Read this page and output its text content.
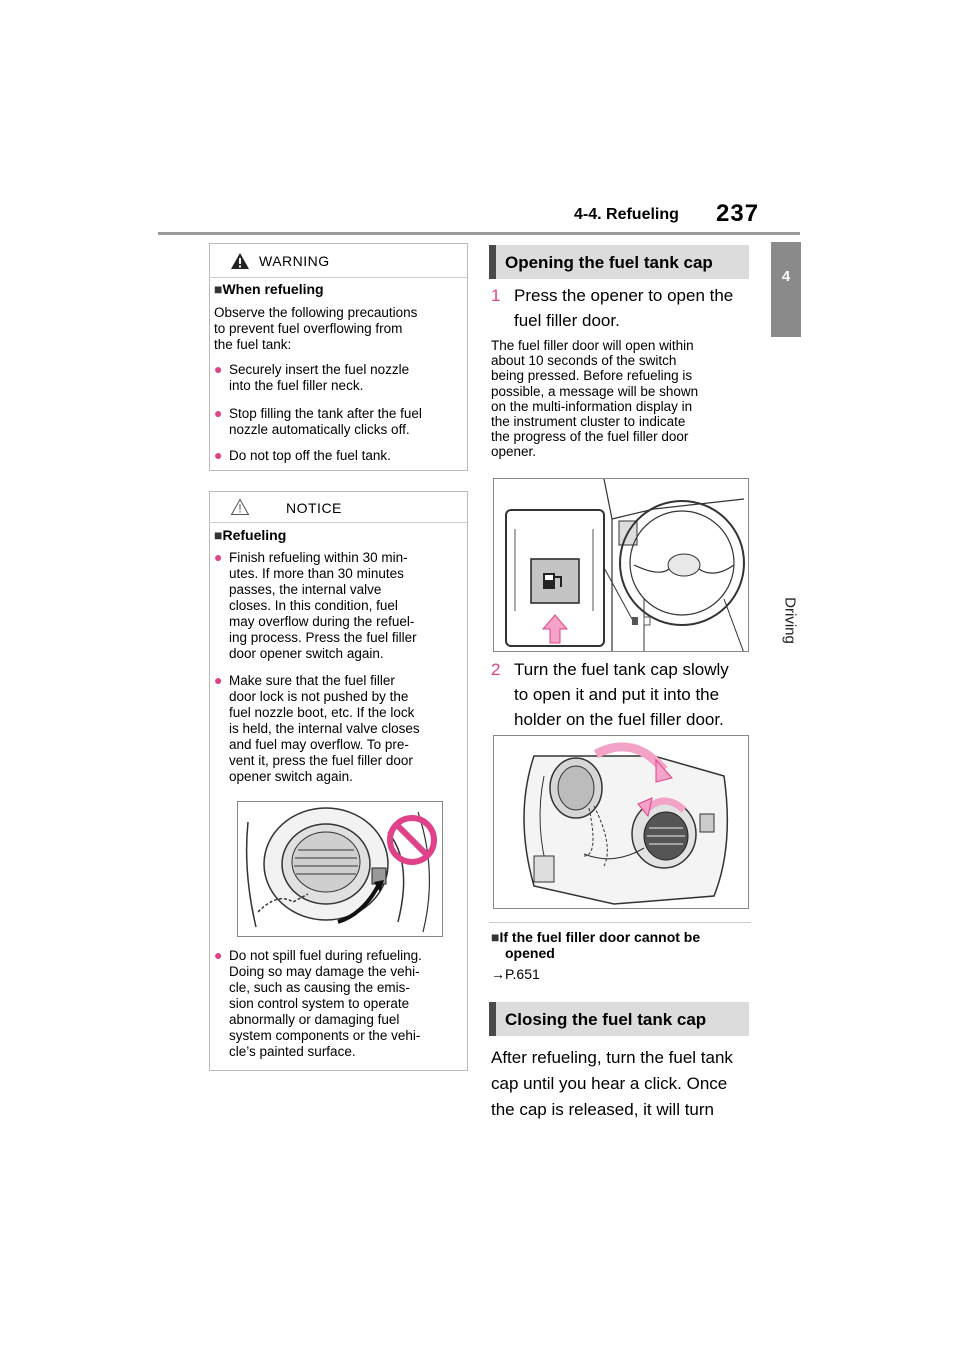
4-4. Refueling 237
4
Driving
WARNING
■When refueling
Observe the following precautions
to prevent fuel overflowing from
the fuel tank:
● Securely insert the fuel nozzle
into the fuel filler neck.
● Stop filling the tank after the fuel
nozzle automatically clicks off.
● Do not top off the fuel tank.
NOTICE
■Refueling
● Finish refueling within 30 min-
utes. If more than 30 minutes
passes, the internal valve
closes. In this condition, fuel
may overflow during the refuel-
ing process. Press the fuel filler
door opener switch again.
● Make sure that the fuel filler
door lock is not pushed by the
fuel nozzle boot, etc. If the lock
is held, the internal valve closes
and fuel may overflow. To pre-
vent it, press the fuel filler door
opener switch again.
● Do not spill fuel during refueling.
Doing so may damage the vehi-
cle, such as causing the emis-
sion control system to operate
abnormally or damaging fuel
system components or the vehi-
cle’s painted surface.
Opening the fuel tank cap
1 Press the opener to open the
fuel filler door.
The fuel filler door will open within
about 10 seconds of the switch
being pressed. Before refueling is
possible, a message will be shown
on the multi-information display in
the instrument cluster to indicate
the progress of the fuel filler door
opener.
2 Turn the fuel tank cap slowly
to open it and put it into the
holder on the fuel filler door.
■If the fuel filler door cannot be
opened
→P.651
Closing the fuel tank cap
After refueling, turn the fuel tank
cap until you hear a click. Once
the cap is released, it will turn
